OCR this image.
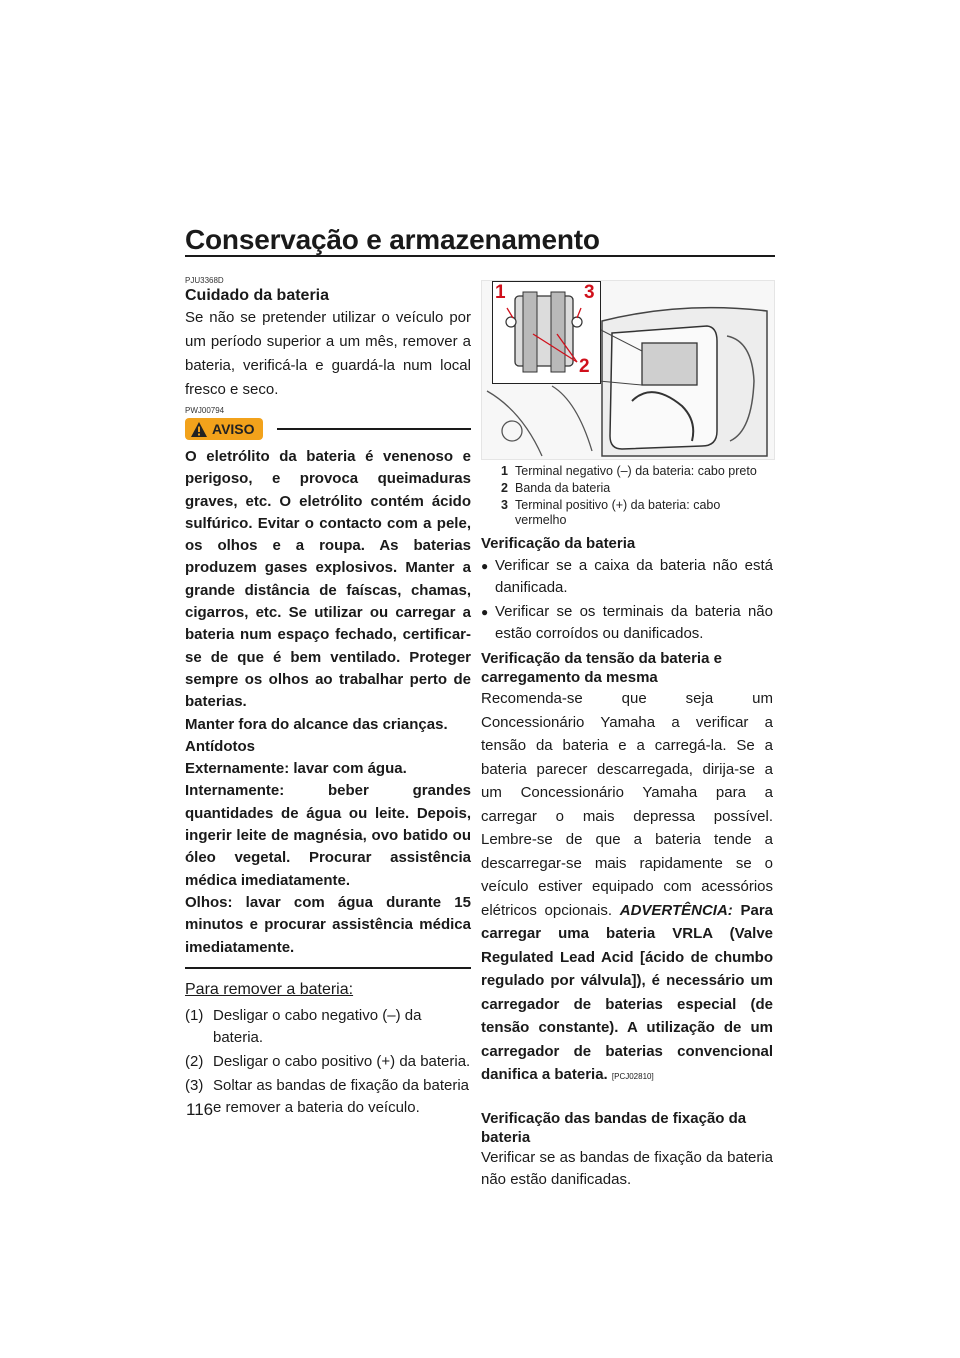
Conservação e armazenamento
PJU3368D
Cuidado da bateria

Se não se pretender utilizar o veículo por um período superior a um mês, remover a bateria, verificá-la e guardá-la num local fresco e seco.

PWJ00794
AVISO

O eletrólito da bateria é venenoso e perigoso, e provoca queimaduras graves, etc. O eletrólito contém ácido sulfúrico. Evitar o contacto com a pele, os olhos e a roupa. As baterias produzem gases explosivos. Manter a grande distância de faíscas, chamas, cigarros, etc. Se utilizar ou carregar a bateria num espaço fechado, certificar-se de que é bem ventilado. Proteger sempre os olhos ao trabalhar perto de baterias.

Manter fora do alcance das crianças.

Antídotos

Externamente: lavar com água.

Internamente: beber grandes quantidades de água ou leite. Depois, ingerir leite de magnésia, ovo batido ou óleo vegetal. Procurar assistência médica imediatamente.

Olhos: lavar com água durante 15 minutos e procurar assistência médica imediatamente.

Para remover a bateria:
(1) Desligar o cabo negativo (–) da bateria.
(2) Desligar o cabo positivo (+) da bateria.
(3) Soltar as bandas de fixação da bateria e remover a bateria do veículo.
1	3
2
1 Terminal negativo (–) da bateria: cabo preto
2 Banda da bateria
3 Terminal positivo (+) da bateria: cabo vermelho
Verificação da bateria
● Verificar se a caixa da bateria não está danificada.
● Verificar se os terminais da bateria não estão corroídos ou danificados.
Verificação da tensão da bateria e carregamento da mesma

Recomenda-se que seja um Concessionário Yamaha a verificar a tensão da bateria e a carregá-la. Se a bateria parecer descarregada, dirija-se a um Concessionário Yamaha para a carregar o mais depressa possível. Lembre-se de que a bateria tende a descarregar-se mais rapidamente se o veículo estiver equipado com acessórios elétricos opcionais. ADVERTÊNCIA: Para carregar uma bateria VRLA (Valve Regulated Lead Acid [ácido de chumbo regulado por válvula]), é necessário um carregador de baterias especial (de tensão constante). A utilização de um carregador de baterias convencional danifica a bateria. [PCJ02810]

Verificação das bandas de fixação da bateria

Verificar se as bandas de fixação da bateria não estão danificadas.

116
